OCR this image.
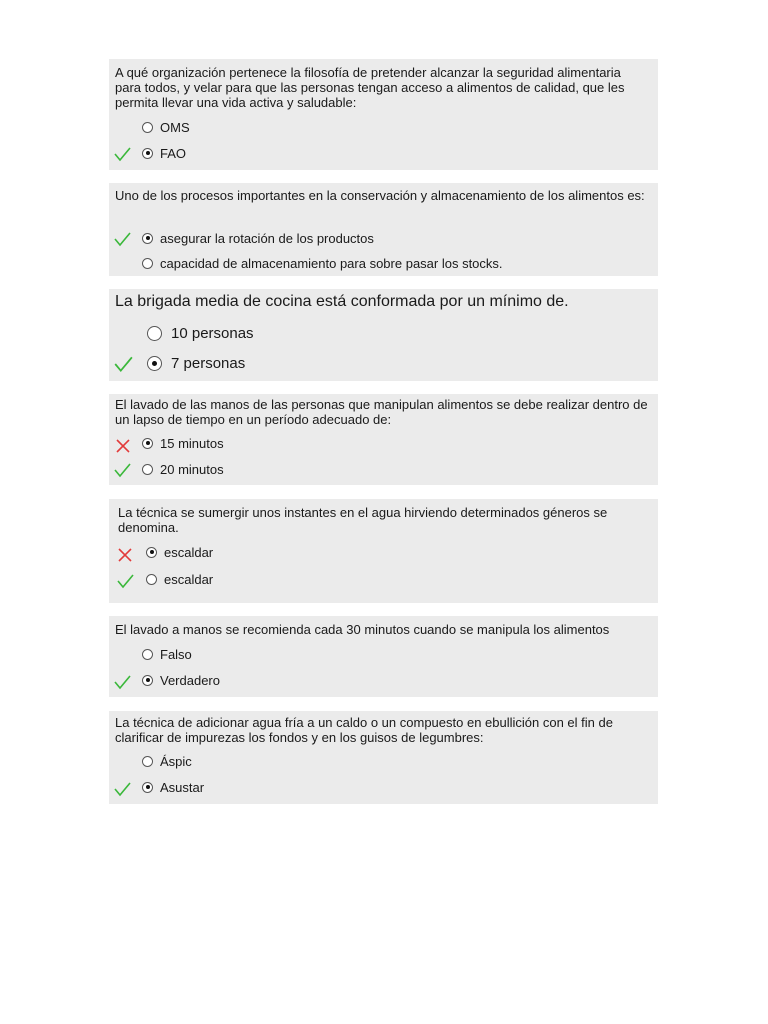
A qué organización pertenece la filosofía de pretender alcanzar la seguridad alimentaria para todos, y velar para que las personas tengan acceso a alimentos de calidad, que les permita llevar una vida activa y saludable:

OMS
FAO

Uno de los procesos importantes en la conservación y almacenamiento de los alimentos es:

asegurar la rotación de los productos
capacidad de almacenamiento para sobre pasar los stocks.

La brigada media de cocina está conformada por un mínimo de.

10 personas
7 personas

El lavado de las manos de las personas que manipulan alimentos se debe realizar dentro de un lapso de tiempo en un período adecuado de:

15 minutos
20 minutos

La técnica se sumergir unos instantes en el agua hirviendo determinados géneros se denomina.

escaldar
escaldar

El lavado a manos se recomienda cada 30 minutos cuando se manipula los alimentos

Falso
Verdadero

La técnica de adicionar agua fría a un caldo o un compuesto en ebullición con el fin de clarificar de impurezas los fondos y en los guisos de legumbres:

Áspic
Asustar
